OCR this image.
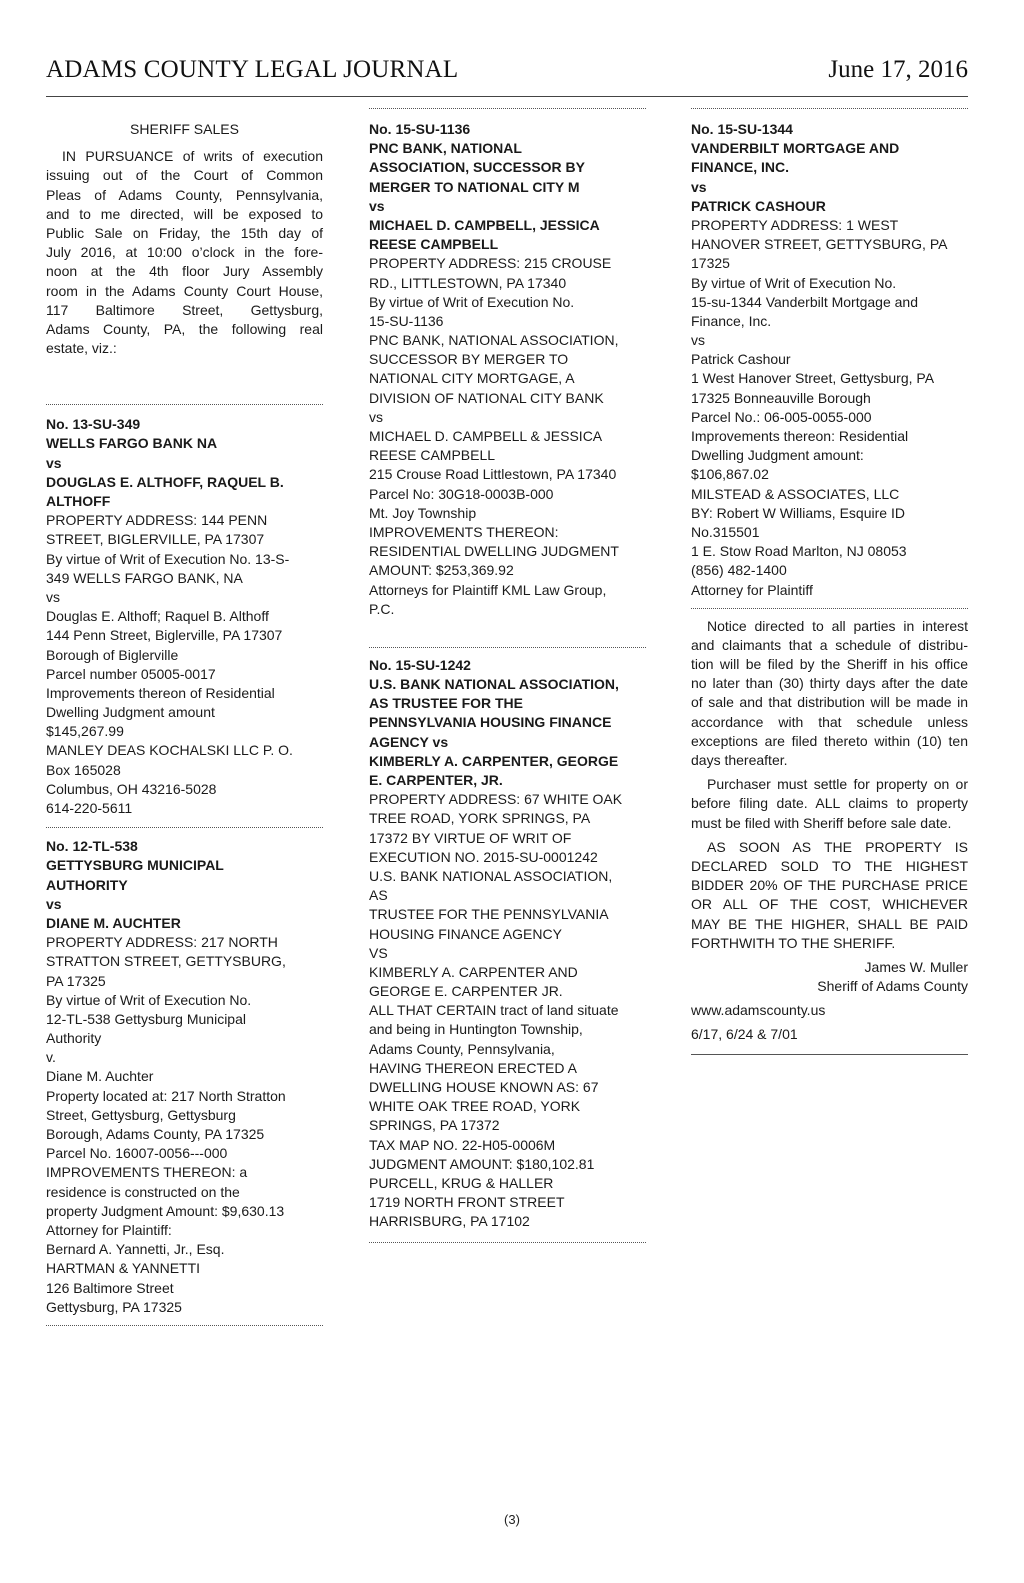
ADAMS COUNTY LEGAL JOURNAL	June 17, 2016
SHERIFF SALES
IN PURSUANCE of writs of execution
issuing out of the Court of Common
Pleas of Adams County, Pennsylvania,
and to me directed, will be exposed to
Public Sale on Friday, the 15th day of
July 2016, at 10:00 o’clock in the fore-
noon at the 4th floor Jury Assembly
room in the Adams County Court House,
117 Baltimore Street, Gettysburg,
Adams County, PA, the following real
estate, viz.:
No. 13-SU-349
WELLS FARGO BANK NA
vs
DOUGLAS E. ALTHOFF, RAQUEL B.
ALTHOFF
PROPERTY ADDRESS: 144 PENN
STREET, BIGLERVILLE, PA 17307
By virtue of Writ of Execution No. 13-S-
349 WELLS FARGO BANK, NA
vs
Douglas E. Althoff; Raquel B. Althoff
144 Penn Street, Biglerville, PA 17307
Borough of Biglerville
Parcel number 05005-0017
Improvements thereon of Residential
Dwelling Judgment amount
$145,267.99
MANLEY DEAS KOCHALSKI LLC P. O.
Box 165028
Columbus, OH 43216-5028
614-220-5611
No. 12-TL-538
GETTYSBURG MUNICIPAL
AUTHORITY
vs
DIANE M. AUCHTER
PROPERTY ADDRESS: 217 NORTH
STRATTON STREET, GETTYSBURG,
PA 17325
By virtue of Writ of Execution No.
12-TL-538 Gettysburg Municipal
Authority
v.
Diane M. Auchter
Property located at: 217 North Stratton
Street, Gettysburg, Gettysburg
Borough, Adams County, PA 17325
Parcel No. 16007-0056---000
IMPROVEMENTS THEREON: a
residence is constructed on the
property Judgment Amount: $9,630.13
Attorney for Plaintiff:
Bernard A. Yannetti, Jr., Esq.
HARTMAN & YANNETTI
126 Baltimore Street
Gettysburg, PA 17325
No. 15-SU-1136
PNC BANK, NATIONAL
ASSOCIATION, SUCCESSOR BY
MERGER TO NATIONAL CITY M
vs
MICHAEL D. CAMPBELL, JESSICA
REESE CAMPBELL
PROPERTY ADDRESS: 215 CROUSE
RD., LITTLESTOWN, PA 17340
By virtue of Writ of Execution No.
15-SU-1136
PNC BANK, NATIONAL ASSOCIATION,
SUCCESSOR BY MERGER TO
NATIONAL CITY MORTGAGE, A
DIVISION OF NATIONAL CITY BANK
vs
MICHAEL D. CAMPBELL & JESSICA
REESE CAMPBELL
215 Crouse Road Littlestown, PA 17340
Parcel No: 30G18-0003B-000
Mt. Joy Township
IMPROVEMENTS THEREON:
RESIDENTIAL DWELLING JUDGMENT
AMOUNT: $253,369.92
Attorneys for Plaintiff KML Law Group,
P.C.
No. 15-SU-1242
U.S. BANK NATIONAL ASSOCIATION,
AS TRUSTEE FOR THE
PENNSYLVANIA HOUSING FINANCE
AGENCY vs
KIMBERLY A. CARPENTER, GEORGE
E. CARPENTER, JR.
PROPERTY ADDRESS: 67 WHITE OAK
TREE ROAD, YORK SPRINGS, PA
17372 BY VIRTUE OF WRIT OF
EXECUTION NO. 2015-SU-0001242
U.S. BANK NATIONAL ASSOCIATION,
AS
TRUSTEE FOR THE PENNSYLVANIA
HOUSING FINANCE AGENCY
VS
KIMBERLY A. CARPENTER AND
GEORGE E. CARPENTER JR.
ALL THAT CERTAIN tract of land situate
and being in Huntington Township,
Adams County, Pennsylvania,
HAVING THEREON ERECTED A
DWELLING HOUSE KNOWN AS: 67
WHITE OAK TREE ROAD, YORK
SPRINGS, PA 17372
TAX MAP NO. 22-H05-0006M
JUDGMENT AMOUNT: $180,102.81
PURCELL, KRUG & HALLER
1719 NORTH FRONT STREET
HARRISBURG, PA 17102
No. 15-SU-1344
VANDERBILT MORTGAGE AND
FINANCE, INC.
vs
PATRICK CASHOUR
PROPERTY ADDRESS: 1 WEST
HANOVER STREET, GETTYSBURG, PA
17325
By virtue of Writ of Execution No.
15-su-1344 Vanderbilt Mortgage and
Finance, Inc.
vs
Patrick Cashour
1 West Hanover Street, Gettysburg, PA
17325 Bonneauville Borough
Parcel No.: 06-005-0055-000
Improvements thereon: Residential
Dwelling Judgment amount:
$106,867.02
MILSTEAD & ASSOCIATES, LLC
BY: Robert W Williams, Esquire ID
No.315501
1 E. Stow Road Marlton, NJ 08053
(856) 482-1400
Attorney for Plaintiff
Notice directed to all parties in interest
and claimants that a schedule of distribu-
tion will be filed by the Sheriff in his office
no later than (30) thirty days after the date
of sale and that distribution will be made in
accordance with that schedule unless
exceptions are filed thereto within (10) ten
days thereafter.
Purchaser must settle for property on or
before filing date. ALL claims to property
must be filed with Sheriff before sale date.
AS SOON AS THE PROPERTY IS
DECLARED SOLD TO THE HIGHEST
BIDDER 20% OF THE PURCHASE PRICE
OR ALL OF THE COST, WHICHEVER
MAY BE THE HIGHER, SHALL BE PAID
FORTHWITH TO THE SHERIFF.
James W. Muller
Sheriff of Adams County
www.adamscounty.us
6/17, 6/24 & 7/01
(3)
